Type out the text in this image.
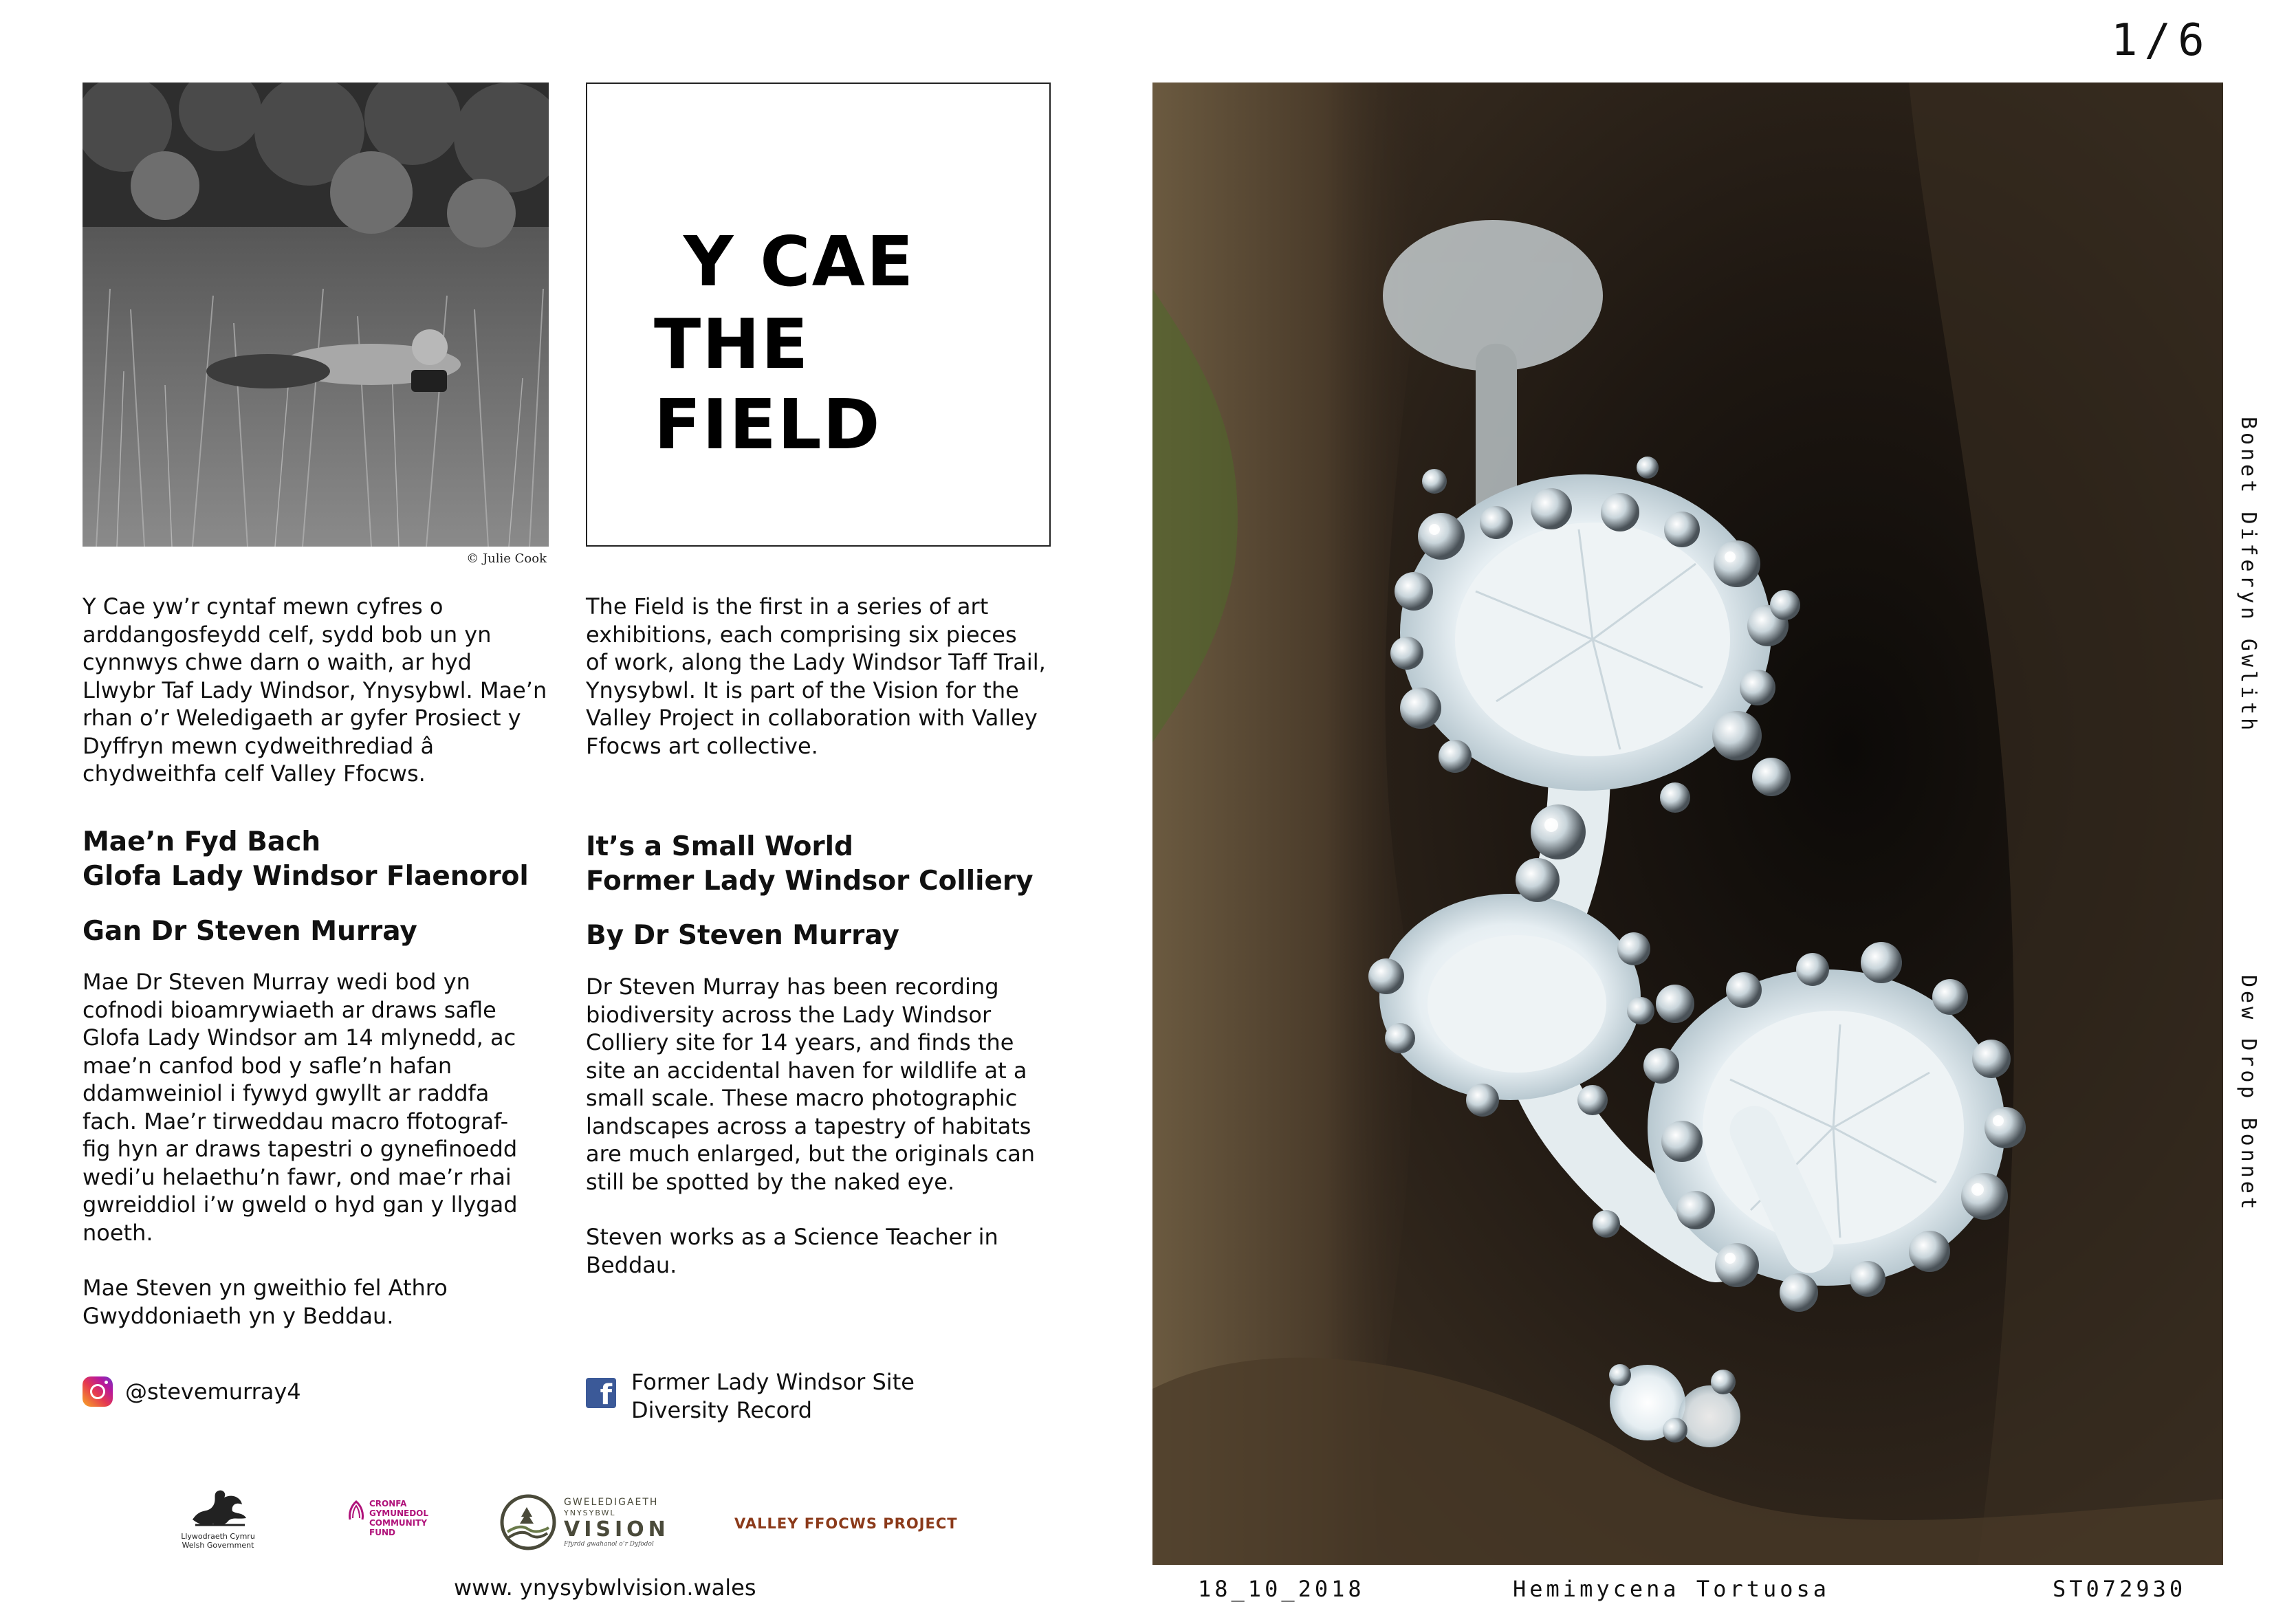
1/6
© Julie Cook
Y CAE
THE FIELD
Y Cae yw’r cyntaf mewn cyfres o
arddangosfeydd celf, sydd bob un yn
cynnwys chwe darn o waith, ar hyd
Llwybr Taf Lady Windsor, Ynysybwl. Mae’n
rhan o’r Weledigaeth ar gyfer Prosiect y
Dyffryn mewn cydweithrediad â
chydweithfa celf Valley Ffocws.
Mae’n Fyd Bach
Glofa Lady Windsor Flaenorol
Gan Dr Steven Murray
Mae Dr Steven Murray wedi bod yn
cofnodi bioamrywiaeth ar draws safle
Glofa Lady Windsor am 14 mlynedd, ac
mae’n canfod bod y safle’n hafan
ddamweiniol i fywyd gwyllt ar raddfa
fach. Mae’r tirweddau macro ffotograf-
fig hyn ar draws tapestri o gynefinoedd
wedi’u helaethu’n fawr, ond mae’r rhai
gwreiddiol i’w gweld o hyd gan y llygad
noeth.
Mae Steven yn gweithio fel Athro
Gwyddoniaeth yn y Beddau.
@stevemurray4
The Field is the first in a series of art
exhibitions, each comprising six pieces
of work, along the Lady Windsor Taff Trail,
Ynysybwl. It is part of the Vision for the
Valley Project in collaboration with Valley
Ffocws art collective.
It’s a Small World
Former Lady Windsor Colliery
By Dr Steven Murray
Dr Steven Murray has been recording
biodiversity across the Lady Windsor
Colliery site for 14 years, and finds the
site an accidental haven for wildlife at a
small scale. These macro photographic
landscapes across a tapestry of habitats
are much enlarged, but the originals can
still be spotted by the naked eye.
Steven works as a Science Teacher in
Beddau.
f Former Lady Windsor Site
Diversity Record
Llywodraeth Cymru
Welsh Government
CRONFA
GYMUNEDOL
COMMUNITY
FUND
GWELEDIGAETH
YNYSYBWL
VISION
Ffyrdd gwahanol o’r Dyfodol
VALLEY FFOCWS PROJECT
www. ynysybwlvision.wales
Bonet Diferyn Gwlith
Dew Drop Bonnet
18_10_2018	Hemimycena Tortuosa	ST072930
